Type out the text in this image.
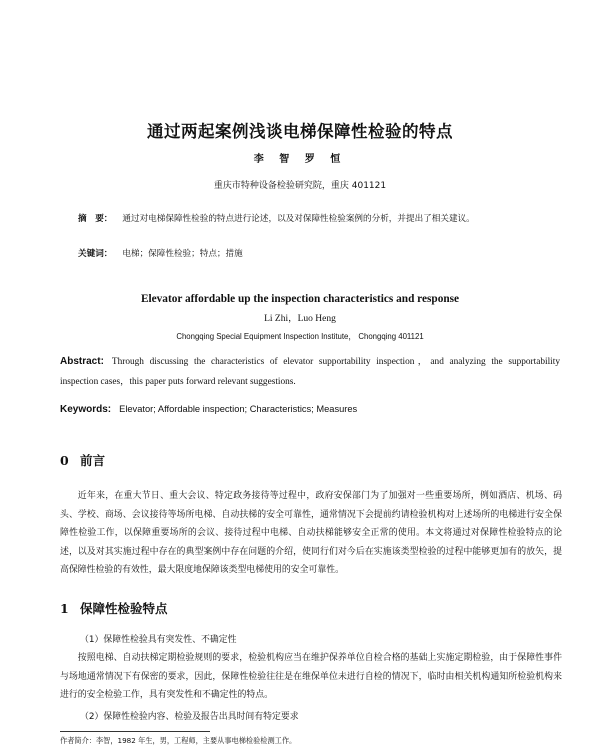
通过两起案例浅谈电梯保障性检验的特点
李 智 罗 恒
重庆市特种设备检验研究院，重庆 401121
摘　要： 通过对电梯保障性检验的特点进行论述，以及对保障性检验案例的分析，并提出了相关建议。
关键词： 电梯；保障性检验；特点；措施
Elevator affordable up the inspection characteristics and response
Li Zhi，Luo Heng
Chongqing Special Equipment Inspection Institute， Chongqing 401121
Abstract: Through discussing the characteristics of elevator supportability inspection，and analyzing the supportability inspection cases，this paper puts forward relevant suggestions.
Keywords: Elevator; Affordable inspection; Characteristics; Measures
0 前言
近年来，在重大节日、重大会议、特定政务接待等过程中，政府安保部门为了加强对一些重要场所，例如酒店、机场、码头、学校、商场、会议接待等场所电梯、自动扶梯的安全可靠性，通常情况下会提前约请检验机构对上述场所的电梯进行安全保障性检验工作，以保障重要场所的会议、接待过程中电梯、自动扶梯能够安全正常的使用。本文将通过对保障性检验特点的论述，以及对其实施过程中存在的典型案例中存在问题的介绍，使同行们对今后在实施该类型检验的过程中能够更加有的放矢，提高保障性检验的有效性，最大限度地保障该类型电梯使用的安全可靠性。
1 保障性检验特点
（1）保障性检验具有突发性、不确定性
按照电梯、自动扶梯定期检验规则的要求，检验机构应当在维护保养单位自检合格的基础上实施定期检验，由于保障性事件与场地通常情况下有保密的要求，因此，保障性检验往往是在维保单位未进行自检的情况下，临时由相关机构通知所检验机构来进行的安全检验工作，具有突发性和不确定性的特点。
（2）保障性检验内容、检验及报告出具时间有特定要求
作者简介：李智，1982 年生，男，工程师，主要从事电梯检验检测工作。
